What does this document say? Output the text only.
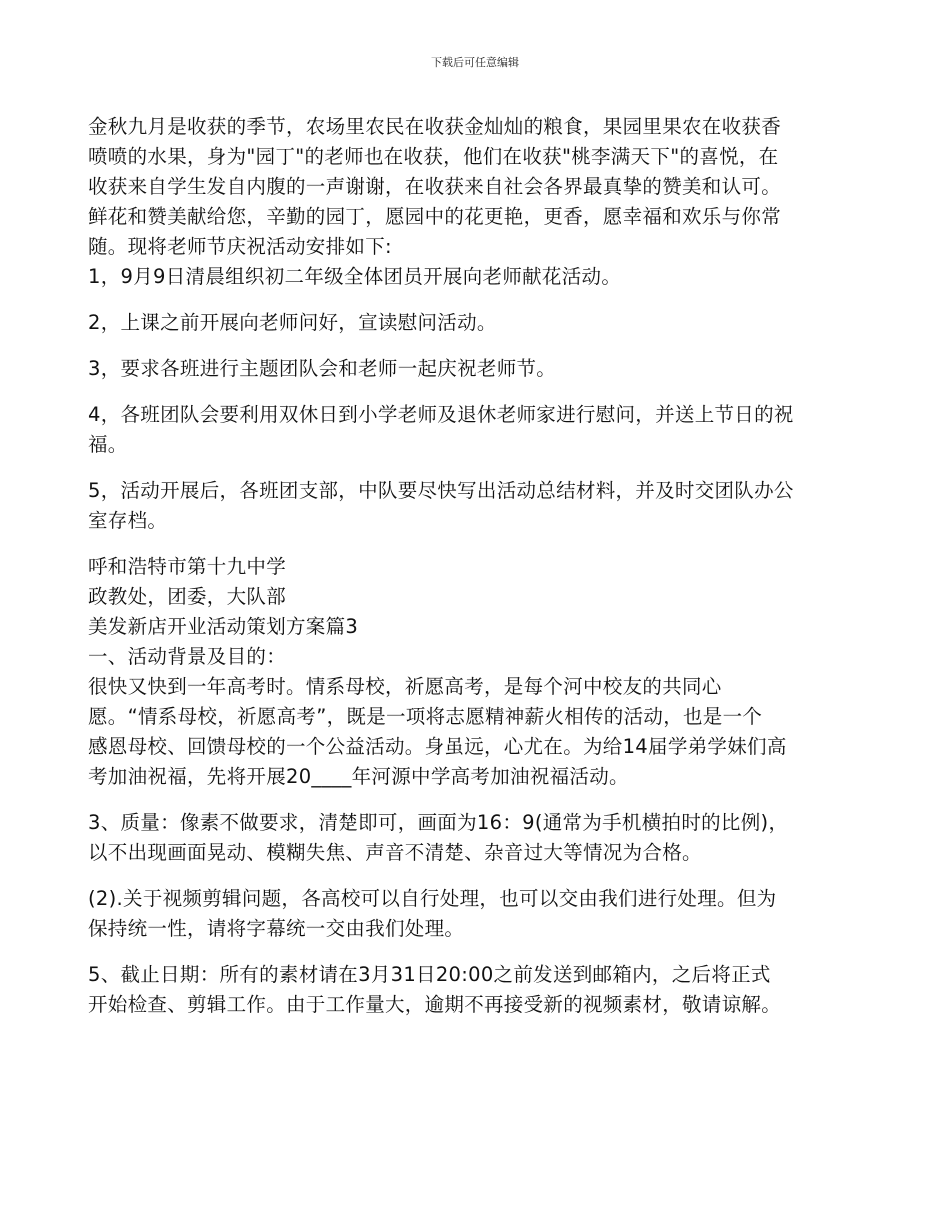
下载后可任意编辑
金秋九月是收获的季节，农场里农民在收获金灿灿的粮食，果园里果农在收获香
喷喷的水果，身为"园丁"的老师也在收获，他们在收获"桃李满天下"的喜悦，在
收获来自学生发自内腹的一声谢谢，在收获来自社会各界最真挚的赞美和认可。
鲜花和赞美献给您，辛勤的园丁，愿园中的花更艳，更香，愿幸福和欢乐与你常
随。现将老师节庆祝活动安排如下:
1，9月9日清晨组织初二年级全体团员开展向老师献花活动。
2，上课之前开展向老师问好，宣读慰问活动。
3，要求各班进行主题团队会和老师一起庆祝老师节。
4，各班团队会要利用双休日到小学老师及退休老师家进行慰问，并送上节日的祝
福。
5，活动开展后，各班团支部，中队要尽快写出活动总结材料，并及时交团队办公
室存档。
呼和浩特市第十九中学
政教处，团委，大队部
美发新店开业活动策划方案篇3
一、活动背景及目的：
很快又快到一年高考时。情系母校，祈愿高考，是每个河中校友的共同心
愿。“情系母校，祈愿高考”，既是一项将志愿精神薪火相传的活动，也是一个
感恩母校、回馈母校的一个公益活动。身虽远，心尤在。为给14届学弟学妹们高
考加油祝福，先将开展20____年河源中学高考加油祝福活动。
3、质量：像素不做要求，清楚即可，画面为16：9(通常为手机横拍时的比例)，
以不出现画面晃动、模糊失焦、声音不清楚、杂音过大等情况为合格。
(2).关于视频剪辑问题，各高校可以自行处理，也可以交由我们进行处理。但为
保持统一性，请将字幕统一交由我们处理。
5、截止日期：所有的素材请在3月31日20:00之前发送到邮箱内，之后将正式
开始检查、剪辑工作。由于工作量大，逾期不再接受新的视频素材，敬请谅解。
